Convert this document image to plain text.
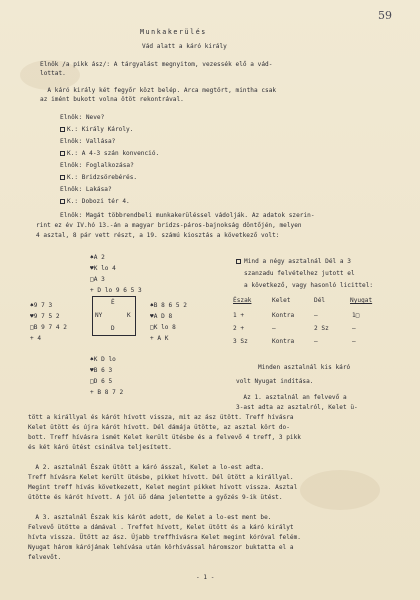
59
Munkakerülés
Vád alatt a káró király
Elnök /a pikk ász/: A tárgyalást megnyitom, vezessék elő a vád-
lottat.
A káró király két fegyőr közt belép. Arca megtört, mintha csak
az imént bukott volna ötöt rekontrával.
Elnök: Neve?
K.: Király Károly.
Elnök: Vallása?
K.: A 4-3 szán konvenció.
Elnök: Foglalkozása?
K.: Bridzsörebérés.
Elnök: Lakása?
K.: Dobozi tér 4.
Elnök: Magát többrendbeli munkakerüléssel vádolják. Az adatok szerin-
rint ez év IV.hó 13.-án a magyar bridzs-páros-bajnokság döntőjén, melyen
4 asztal, 8 pár vett részt, a 19. számú kiosztás a következő volt:
♠A 2
♥K lo 4
□A 3
+ D lo 9 6 5 3
♠9 7 3
♥9 7 5 2
□B 9 7 4 2
+ 4
É
NY	K
D
♠B 8 6 5 2
♥A D 8
□K lo 8
+ A K
♠K D lo
♥B 6 3
□D 6 5
+ B 8 7 2
Mind a négy asztalnál Dél a 3
szanzadu felvételhez jutott el
a következő, vagy hasonló licittel:
Észak	Kelet	Dél	Nyugat
1 +	Kontra	—	1□
2 +	—	2 Sz	—
3 Sz	Kontra	—	—
Minden asztalnál kis káró
volt Nyugat indítása.
Az 1. asztalnál an felvevő a
3-ast adta az asztalról, Kelet ü-
tött a királlyal és kárót hívott vissza, mit az ász ütött. Treff hívásra
Kelet ütött és újra kárót hívott. Dél dámája ütötte, az asztal kört do-
bott. Treff hívásra ismét Kelet került ütésbe és a felvevő 4 treff, 3 pikk
és két káró ütést csinálva teljesített.
A 2. asztalnál Észak ütött a káró ásszal, Kelet a lo-est adta.
Treff hívásra Kelet került ütésbe, pikket hívott. Dél ütött a királlyal.
Megint treff hívás következett, Kelet megint pikket hívott vissza. Asztal
ütötte és kárót hívott. A jól üő dáma jelentette a győzés 9-ik ütést.
A 3. asztalnál Észak kis kárót adott, de Kelet a lo-est ment be.
Felvevő ütötte a dámával . Treffet hívott, Kelet ütött és a káró királyt
hívta vissza. Ütött az ász. Újabb treffhívásra Kelet megint kóróval felém.
Nyugat három kárójának lehívása után körhívással háromszor buktatta el a
felvevőt.
- 1 -
